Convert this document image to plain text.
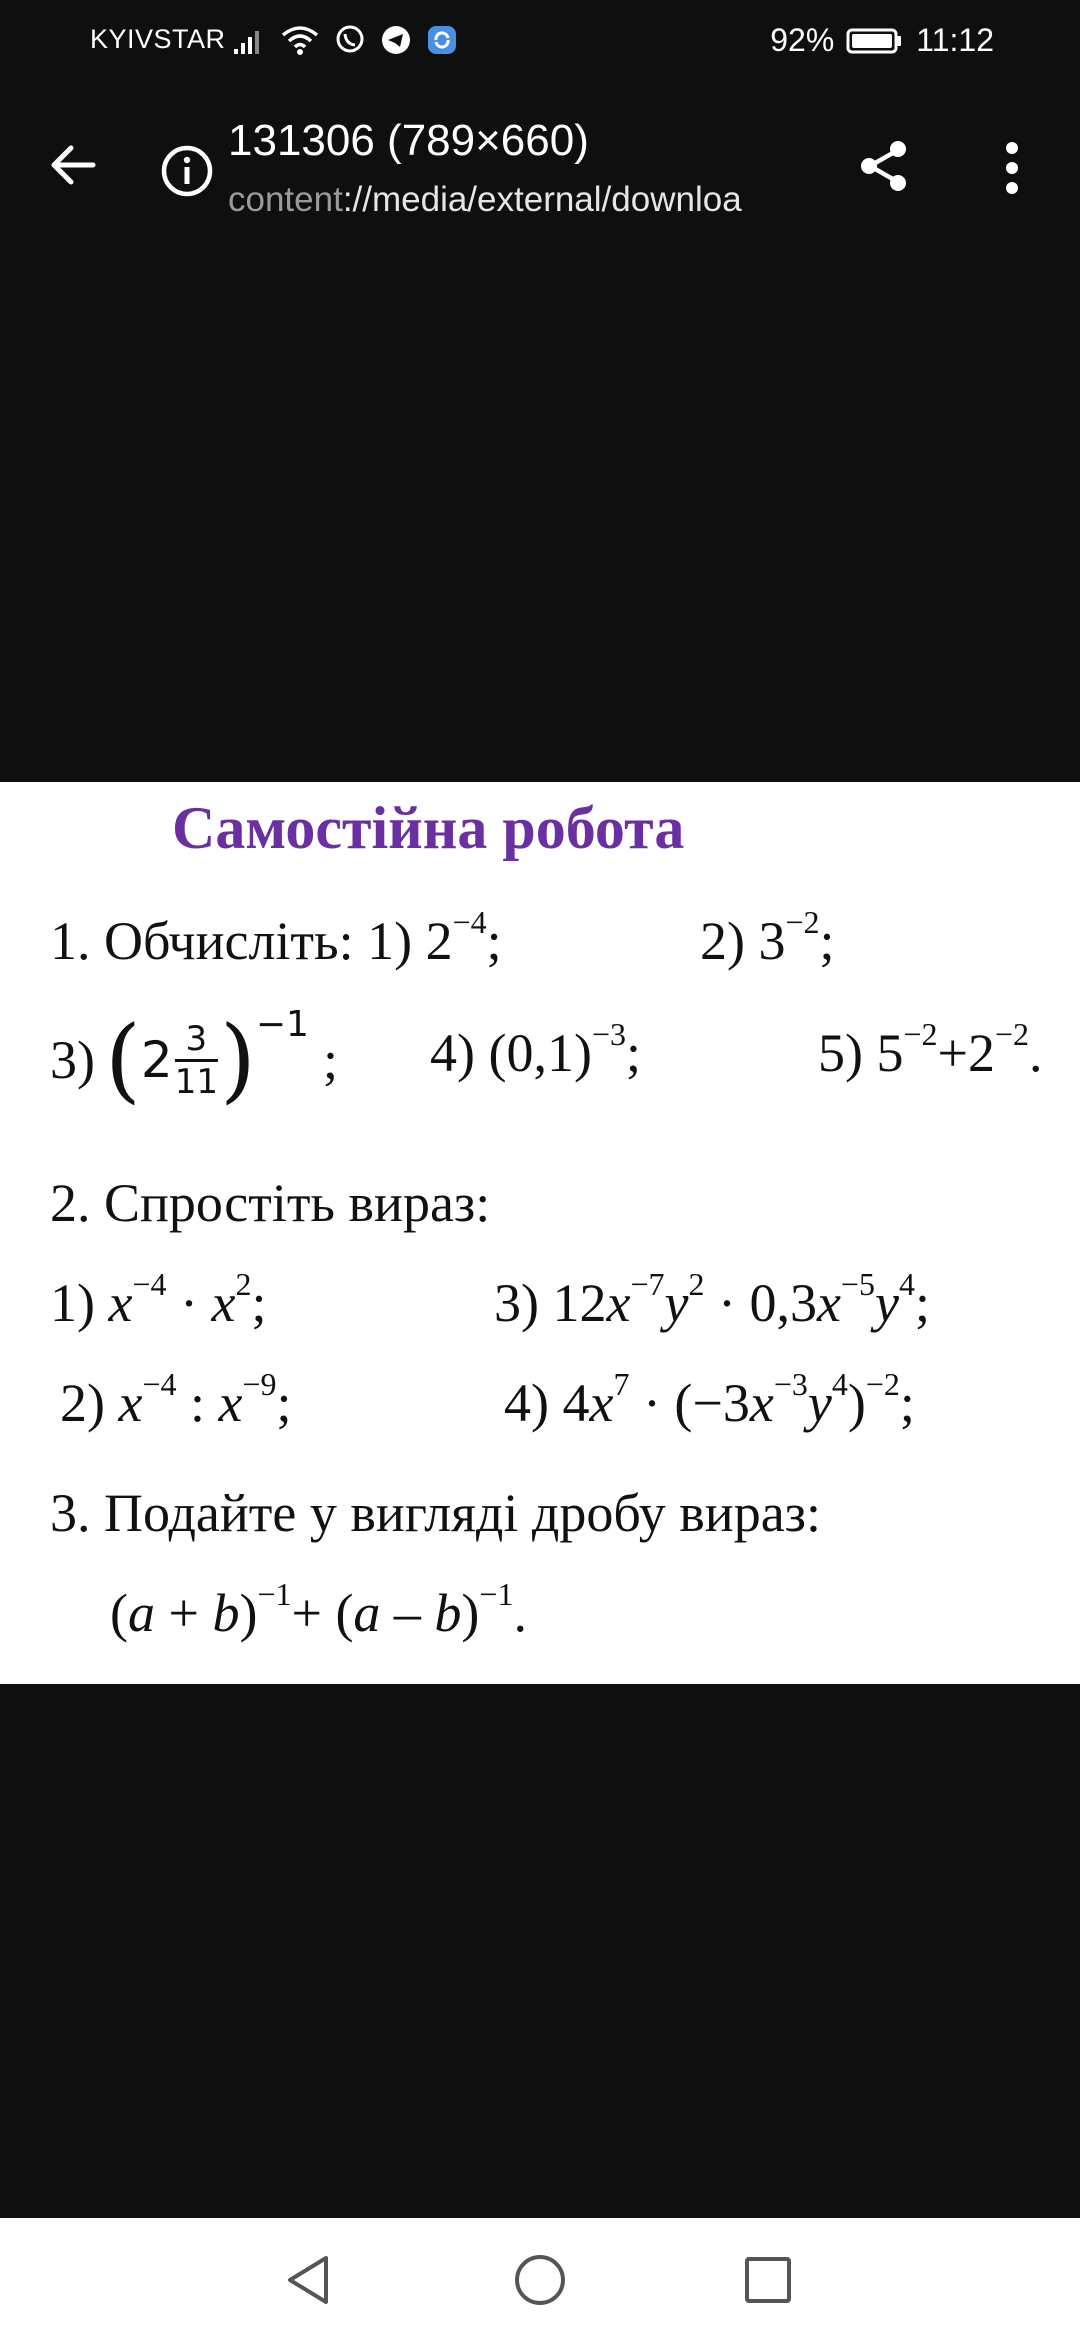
KYIVSTAR	92%	11:12
131306 (789×660)
content://media/external/downloa
Самостійна робота
1. Обчисліть: 1) $2^{-4}$;	2) $3^{-2}$;
3) ( $2 \frac{3}{11}$ ) −1
; 4) $(0,1)^{-3}$;	5) $5^{-2}+2^{-2}$.
2. Спростіть вираз:
1) $x^{-4} \cdot x^2$;	3) $12x^{-7}y^2 \cdot 0,3x^{-5}y^4$;
2) $x^{-4}$ : $x^{-9}$;	4) $4x^7 \cdot (-3x^{-3}y^4)^{-2}$;
3. Подайте у вигляді дробу вираз:
$(a + b)^{-1}+ (a - b)^{-1}$.
